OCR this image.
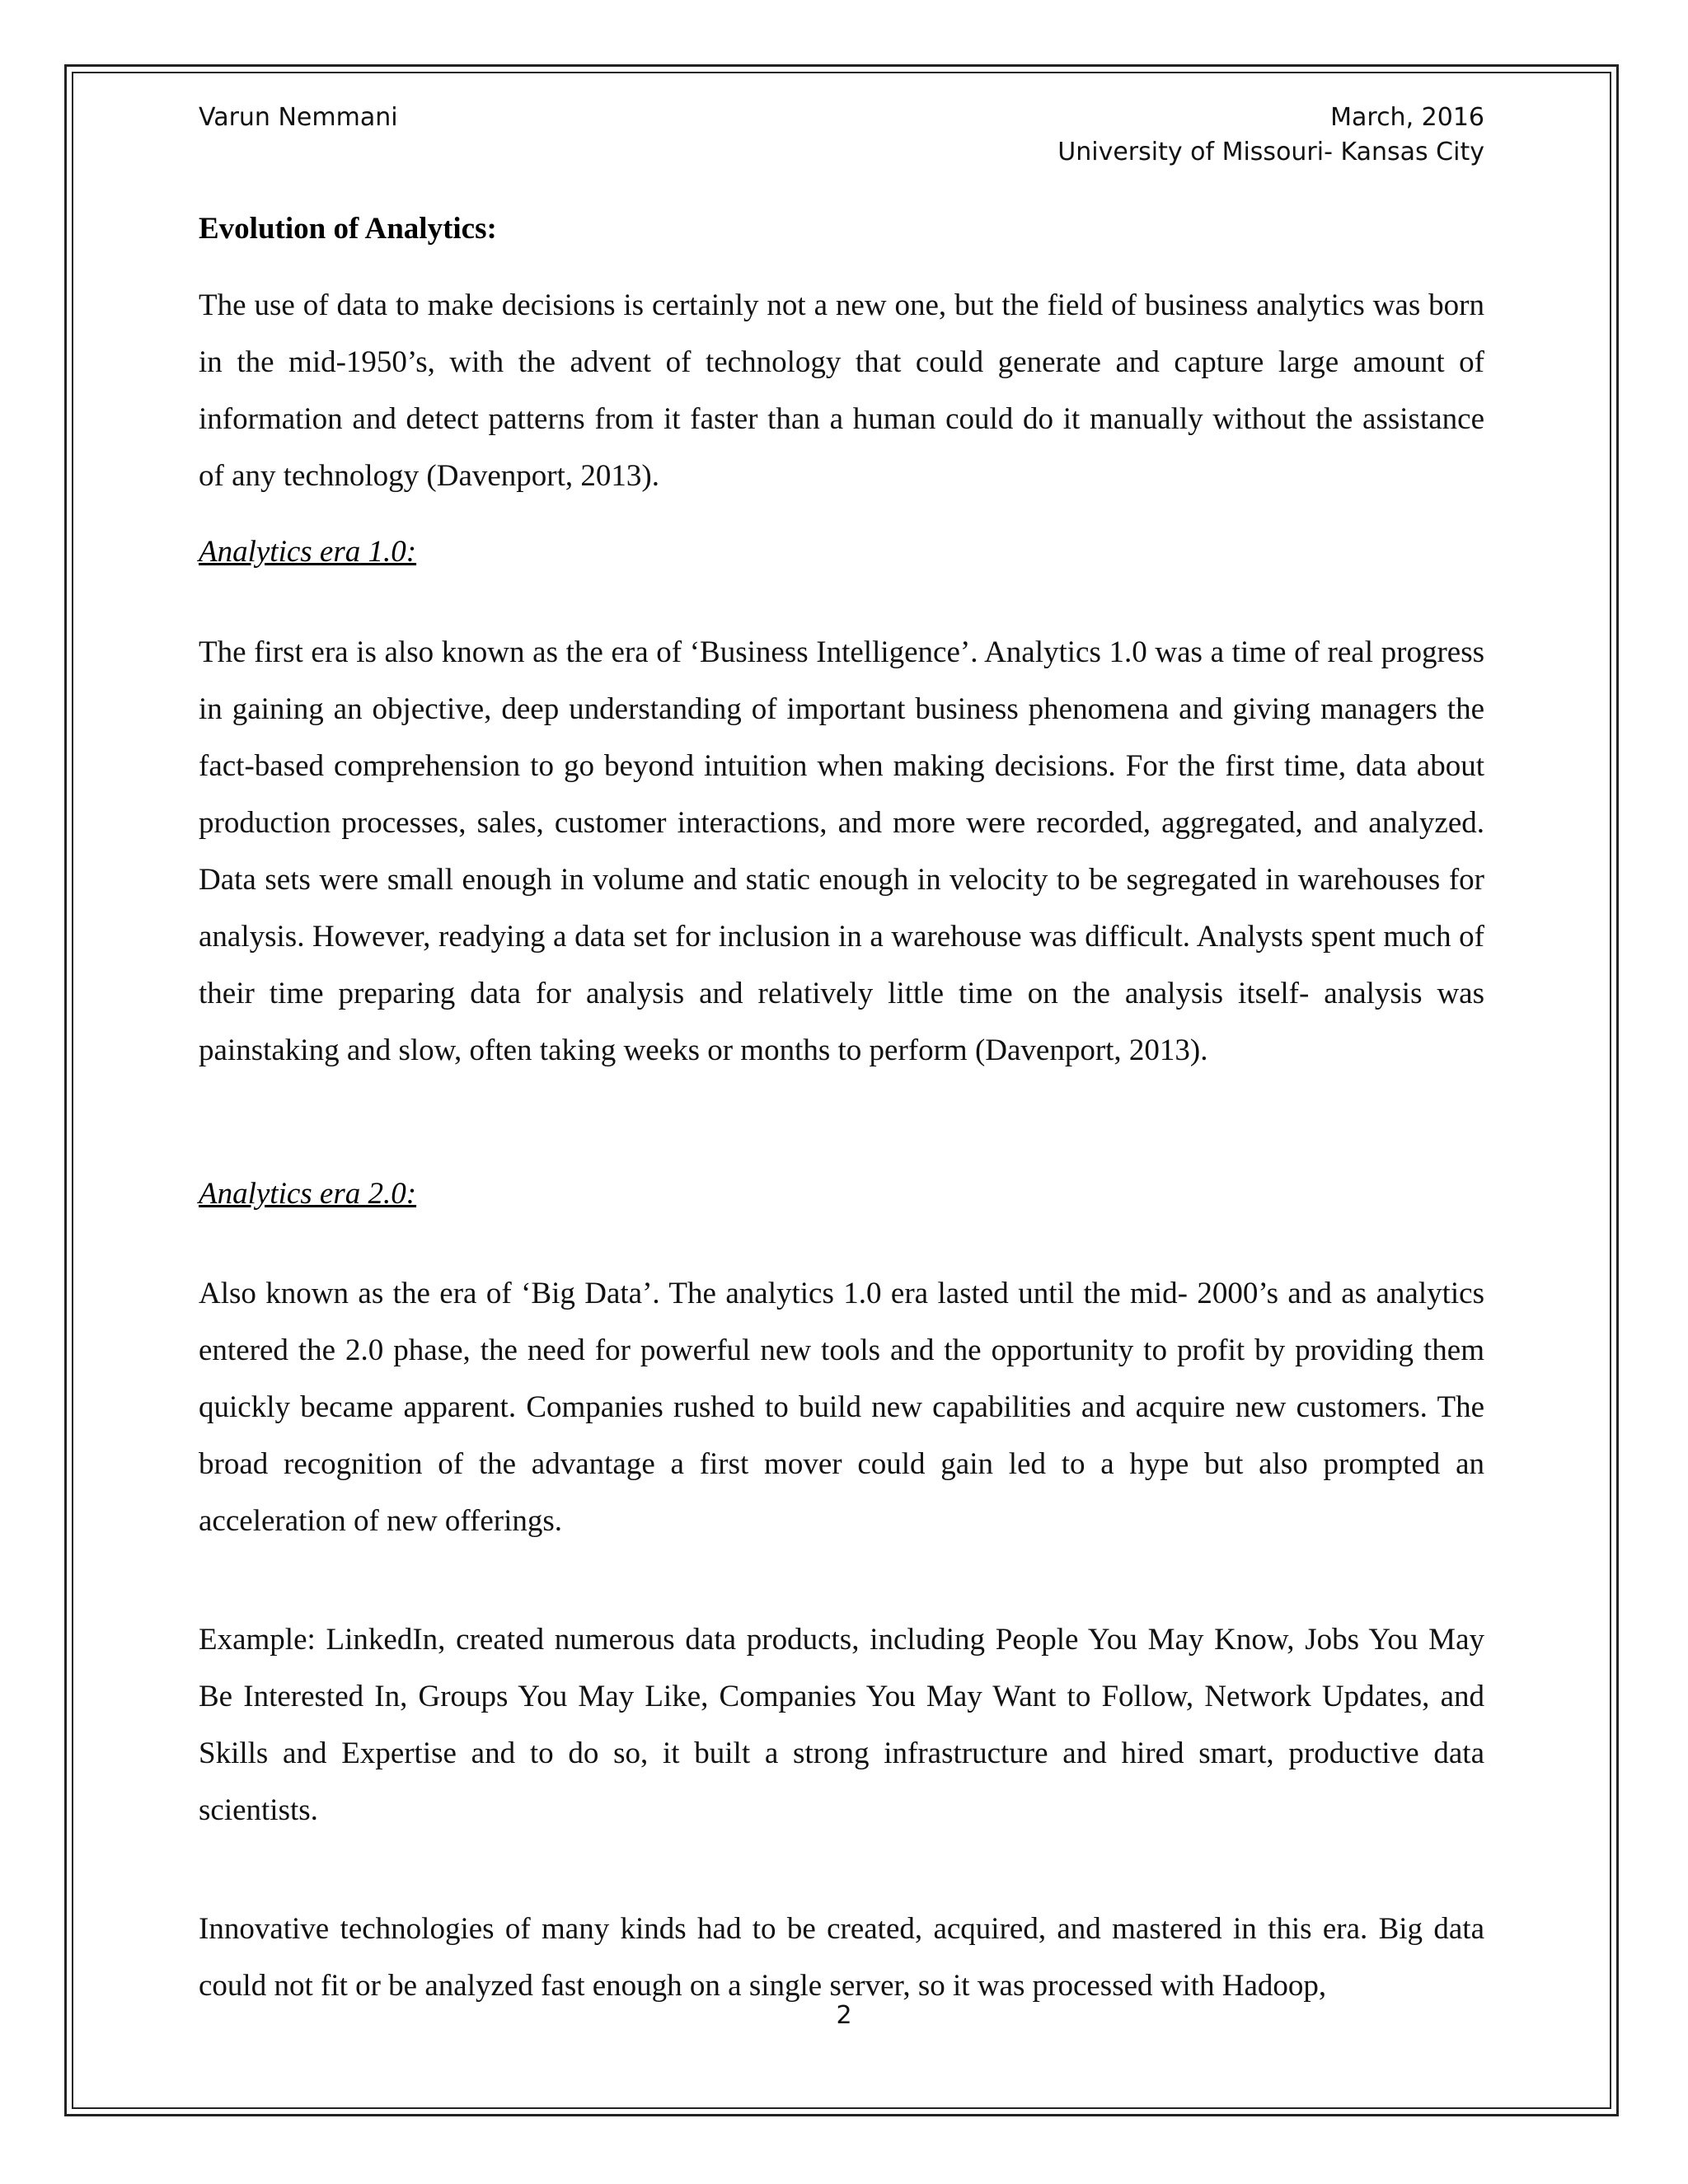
Varun Nemmani	March, 2016
University of Missouri- Kansas City
Evolution of Analytics:

The use of data to make decisions is certainly not a new one, but the field of business analytics was born in the mid-1950’s, with the advent of technology that could generate and capture large amount of information and detect patterns from it faster than a human could do it manually without the assistance of any technology (Davenport, 2013).

Analytics era 1.0:

The first era is also known as the era of ‘Business Intelligence’. Analytics 1.0 was a time of real progress in gaining an objective, deep understanding of important business phenomena and giving managers the fact-based comprehension to go beyond intuition when making decisions. For the first time, data about production processes, sales, customer interactions, and more were recorded, aggregated, and analyzed. Data sets were small enough in volume and static enough in velocity to be segregated in warehouses for analysis. However, readying a data set for inclusion in a warehouse was difficult. Analysts spent much of their time preparing data for analysis and relatively little time on the analysis itself- analysis was painstaking and slow, often taking weeks or months to perform (Davenport, 2013).

Analytics era 2.0:

Also known as the era of ‘Big Data’. The analytics 1.0 era lasted until the mid- 2000’s and as analytics entered the 2.0 phase, the need for powerful new tools and the opportunity to profit by providing them quickly became apparent. Companies rushed to build new capabilities and acquire new customers. The broad recognition of the advantage a first mover could gain led to a hype but also prompted an acceleration of new offerings.

Example: LinkedIn, created numerous data products, including People You May Know, Jobs You May Be Interested In, Groups You May Like, Companies You May Want to Follow, Network Updates, and Skills and Expertise and to do so, it built a strong infrastructure and hired smart, productive data scientists.

Innovative technologies of many kinds had to be created, acquired, and mastered in this era. Big data could not fit or be analyzed fast enough on a single server, so it was processed with Hadoop,

2
